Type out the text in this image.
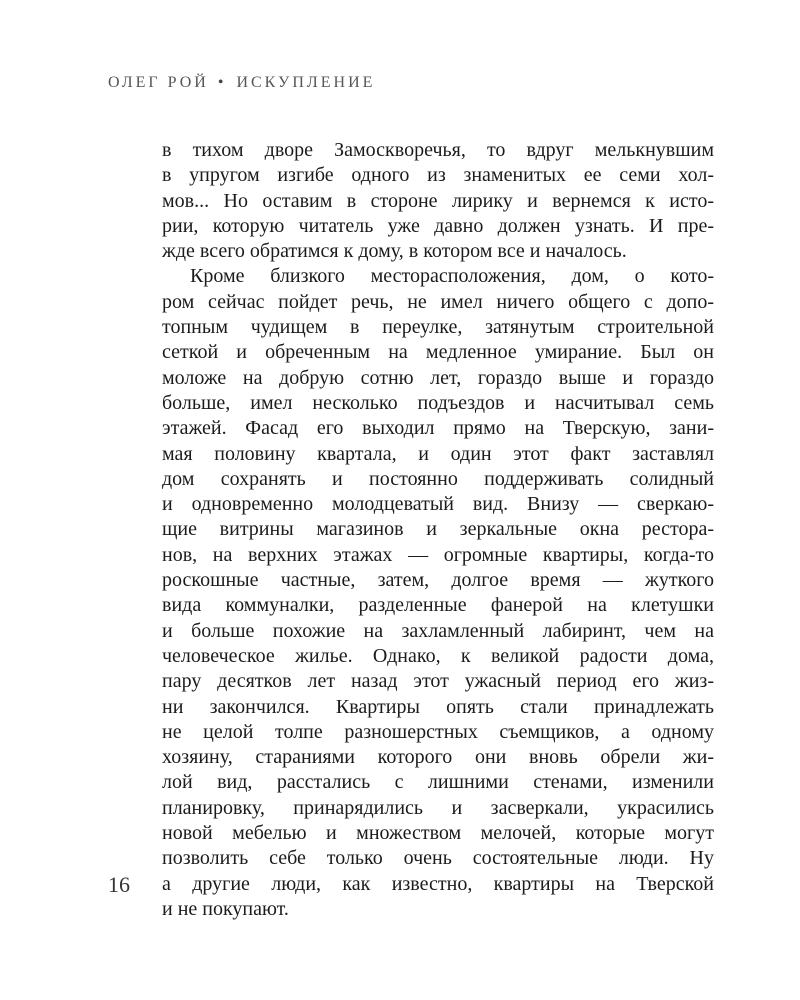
ОЛЕГ РОЙ • ИСКУПЛЕНИЕ
в тихом дворе Замоскворечья, то вдруг мелькнувшим
в упругом изгибе одного из знаменитых ее семи хол-
мов... Но оставим в стороне лирику и вернемся к исто-
рии, которую читатель уже давно должен узнать. И пре-
жде всего обратимся к дому, в котором все и началось.
Кроме близкого месторасположения, дом, о кото-
ром сейчас пойдет речь, не имел ничего общего с допо-
топным чудищем в переулке, затянутым строительной
сеткой и обреченным на медленное умирание. Был он
моложе на добрую сотню лет, гораздо выше и гораздо
больше, имел несколько подъездов и насчитывал семь
этажей. Фасад его выходил прямо на Тверскую, зани-
мая половину квартала, и один этот факт заставлял
дом сохранять и постоянно поддерживать солидный
и одновременно молодцеватый вид. Внизу — сверкаю-
щие витрины магазинов и зеркальные окна рестора-
нов, на верхних этажах — огромные квартиры, когда-то
роскошные частные, затем, долгое время — жуткого
вида коммуналки, разделенные фанерой на клетушки
и больше похожие на захламленный лабиринт, чем на
человеческое жилье. Однако, к великой радости дома,
пару десятков лет назад этот ужасный период его жиз-
ни закончился. Квартиры опять стали принадлежать
не целой толпе разношерстных съемщиков, а одному
хозяину, стараниями которого они вновь обрели жи-
лой вид, расстались с лишними стенами, изменили
планировку, принарядились и засверкали, украсились
новой мебелью и множеством мелочей, которые могут
позволить себе только очень состоятельные люди. Ну
а другие люди, как известно, квартиры на Тверской
и не покупают.
16
